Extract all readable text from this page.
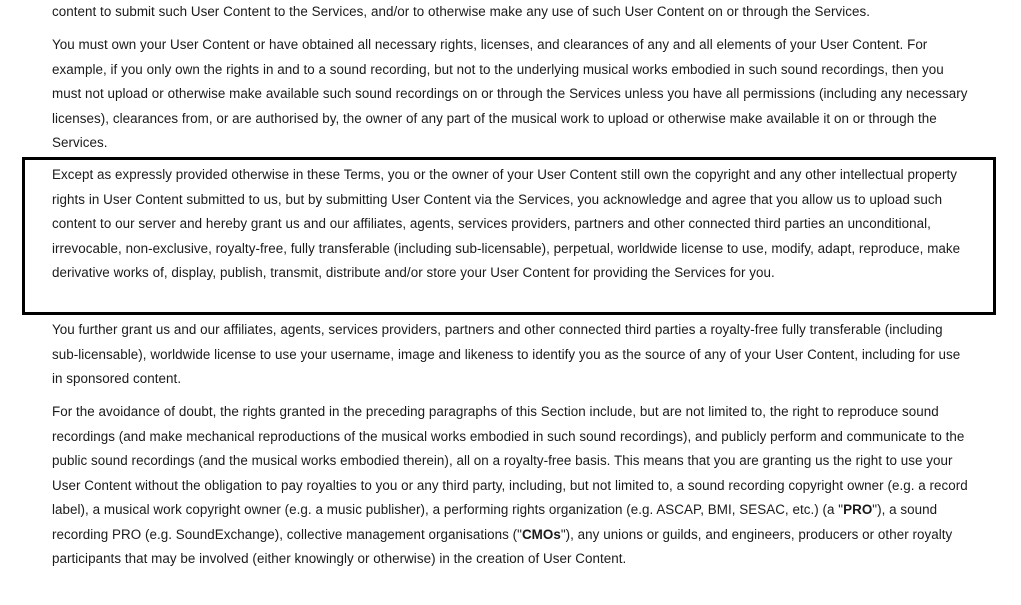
content to submit such User Content to the Services, and/or to otherwise make any use of such User Content on or through the Services.

You must own your User Content or have obtained all necessary rights, licenses, and clearances of any and all elements of your User Content. For example, if you only own the rights in and to a sound recording, but not to the underlying musical works embodied in such sound recordings, then you must not upload or otherwise make available such sound recordings on or through the Services unless you have all permissions (including any necessary licenses), clearances from, or are authorised by, the owner of any part of the musical work to upload or otherwise make available it on or through the Services.

Except as expressly provided otherwise in these Terms, you or the owner of your User Content still own the copyright and any other intellectual property rights in User Content submitted to us, but by submitting User Content via the Services, you acknowledge and agree that you allow us to upload such content to our server and hereby grant us and our affiliates, agents, services providers, partners and other connected third parties an unconditional, irrevocable, non-exclusive, royalty-free, fully transferable (including sub-licensable), perpetual, worldwide license to use, modify, adapt, reproduce, make derivative works of, display, publish, transmit, distribute and/or store your User Content for providing the Services for you.

You further grant us and our affiliates, agents, services providers, partners and other connected third parties a royalty-free fully transferable (including sub-licensable), worldwide license to use your username, image and likeness to identify you as the source of any of your User Content, including for use in sponsored content.

For the avoidance of doubt, the rights granted in the preceding paragraphs of this Section include, but are not limited to, the right to reproduce sound recordings (and make mechanical reproductions of the musical works embodied in such sound recordings), and publicly perform and communicate to the public sound recordings (and the musical works embodied therein), all on a royalty-free basis. This means that you are granting us the right to use your User Content without the obligation to pay royalties to you or any third party, including, but not limited to, a sound recording copyright owner (e.g. a record label), a musical work copyright owner (e.g. a music publisher), a performing rights organization (e.g. ASCAP, BMI, SESAC, etc.) (a "PRO"), a sound recording PRO (e.g. SoundExchange), collective management organisations ("CMOs"), any unions or guilds, and engineers, producers or other royalty participants that may be involved (either knowingly or otherwise) in the creation of User Content.
